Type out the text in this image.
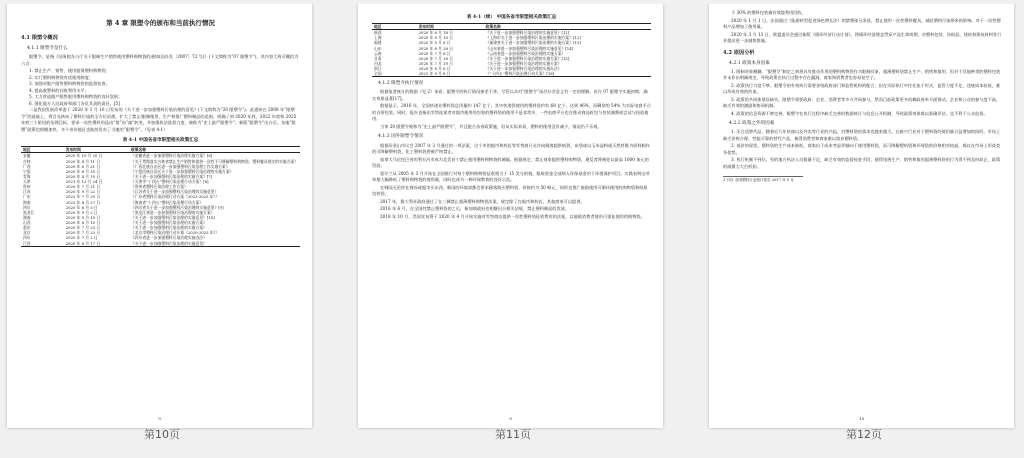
第 4 章 限塑令的颁布和当前执行情况
4.1 限塑令概况
4.1.1 限塑令是什么
限塑令，是指《国务院办公厅关于限制生产销售使用塑料购物袋的通知(国办发〔2007〕72 号)》(下文简称为“07 限塑令”)，其内容大致可概括为六点：
1. 禁止生产、销售、使用超薄塑料购物袋；
2. 实行塑料购物袋有偿使用制度；
3. 加强对限产限售塑料购物袋的监督检查；
4. 提高废塑料的回收利用水平；
5. 大力营造限产限售限用塑料购物袋的良好氛围；
6. 强化地方人民政府和部门各负其责的责任。[5]
二是我国发展改革委于 2020 年 1 月 16 日发布的《关于进一步加强塑料污染治理的意见》(下文简称为“20 限塑令”)。此通知在 2008 年“限塑令”的基础上，将目光转向了塑料污染的全方位治理，扩大了禁止/限制使用、生产和推广塑料制品的范围，明确了到 2020 年底、2022 年底和 2025 年底三个阶段的治理目标，要求一次性塑料用品由“禁”向“减”转变，并加强执法监督力度，被称为“史上最严限塑令”。新版“限塑令”出台后，各地“限塑”政策也相继加快，多个省份地区也陆续发布了当地的“限塑令”。（见表 4-1）
表 4-1 中国各省市限塑相关政策汇总
地区	发布时间	政策名称
安徽	2020 年 10 月 20 日	《安徽省进一步加强塑料污染治理实施方案》[6]
吉林	2020 年 8 月 11 日	《关于贯彻落实吉林省禁止生产销售和提供一次性不可降解塑料购物袋、塑料餐具规定的实施方案》
广西	2020 年 6 月 21 日	《广西壮族自治区进一步加强塑料污染治理工作实施方案》
宁夏	2020 年 6 月 20 日	《宁夏回族自治区关于进一步加强塑料污染治理的实施方案》
青海	2020 年 4 月 10 日	《关于进一步加强塑料污染治理的实施方案》[7]
天津	2021 年 12 月 24 日	《天津市“十四五”塑料污染治理行动方案》[8]
贵州	2020 年 7 月 21 日	《贵州省塑料污染治理工作方案》
江苏	2020 年 9 月 22 日	《江苏省关于进一步加强塑料污染治理的实施意见》
广东	2022 年 7 月 29 日	《广东省塑料污染治理行动方案（2022-2025 年）》
海南	2022 年 4 月 27 日	《海南省“十四五”塑料污染治理行动方案》
四川	2020 年 6 月 3 日	《四川省关于进一步加强塑料污染治理的实施意见》[9]
黑龙江	2020 年 9 月 2 日	《黑龙江省进一步加强塑料污染治理的实施方案》
湖南	2020 年 9 月 10 日	《关于进一步加强塑料污染治理的实施意见》[10]
山西	2020 年 8 月 13 日	《关于进一步加强塑料污染治理的实施方案》
重庆	2020 年 7 月 23 日	《关于进一步加强塑料污染治理的实施方案》
北京	2020 年 7 月 22 日	《北京市塑料污染治理行动计划（2020-2025 年）》
四川	2020 年 7 月 2 日	《四川省进一步加强塑料污染治理实施办法》
江西	2020 年 8 月 17 日	《关于进一步加强塑料污染治理的实施意见》
9
第10页
表 4-1（续） 中国各省市限塑相关政策汇总
地区	发布时间	政策名称
陕西	2020 年 8 月 18 日	《关于进一步加强塑料污染治理的实施意见》[11]
上海	2020 年 9 月 10 日	《上海市关于进一步加强塑料污染治理的实施方案》[12]
福建	2020 年 9 月 8 日	《福建省关于进一步加强塑料污染治理的实施方案》[13]
山东	2020 年 8 月 28 日	《山东省进一步加强塑料污染治理的实施意见》[14]
云南	2020 年 7 月 8 日	《云南省进一步加强塑料污染治理的实施方案》
甘肃	2020 年 7 月 28 日	《关于进一步加强塑料污染治理的实施方案》[15]
河北	2020 年 7 月 19 日	《关于进一步加强塑料污染治理的实施方案》
浙江	2020 年 8 月 6 日	《关于进一步加强塑料污染治理的实施办法》
全国	2021 年 9 月 8 日	《“十四五”塑料污染治理行动方案》[16]
4.1.2 限塑令执行情况
根据笔者统计的数据（见 2）来看，限塑令的执行情况参差不齐。尽管以众对“限塑令”深层社会意义有一定的理解，但在 07 限塑令实施初期，确实效果显著[17]。
数据显示，2016 年，全国快递业塑料袋总用量约 147 亿个，其中快递袋使用的塑料袋约有 68 亿个，达到 46%，而剩余的 54% 为实际电商平台的自带包装。同时，报告也指出零售连锁者对超市使用的包装的塑料袋的使用不是非常多，一些电商平台也在推动商品拆包与包装减塑或尝试与投放使用。
当审 20 限塑令被称为“史上最严限塑令”，并且配合各省政策施，但从实际来看，塑料的使用没有减少，情况仍不乐观。
4.1.3 国外限塑令情况
根据旧金山市议会 2007 年 3 月通过的一项法案，这个市的超市和药店等零售商只允许向顾客提供纸袋、布袋或以玉米淀粉或天然纤维为原料制作的可降解塑料袋，化工塑料袋将被严格禁止。
加拿大马尼托巴省的利夫河市成为北美首个禁止使用塑料购物袋的城镇。根据规定，禁止商家提供塑料购物袋，違反者将被处以最高 1000 加元的罚款。
爱尔兰从 2005 年 3 月开始在全国推行对每个塑料购物袋征收相当于 15 美分的税，限收收金全部纳入环保基金用于环境保护项目。实践表明这项举措大幅降低了塑料购物袋的使用量，同时也成为一种环保教育的良好示范。
在韩国无论你在商场或超市买东西，韩国的环境部都会要求顾客购买塑料袋，价格约为 50 韩元，同时也推广鼓励使用可循环使用的购物袋和纸质包装袋。
2017 年，澳大利亚政府通过了在三城禁止超薄塑料购物袋法案，规定除了在超市和药店，其他商家可以提供。
2018 年 6 月，在全国性禁止塑料袋的之后，新加坡政府也相继出台相关法规，禁止塑料制品的发放。
2018 年 10 月，美国宣布将于 2020 年 4 月开始实施对零售商店提供一次性塑料袋征收费用的法案，以鼓励消费者使用可重复使用的购物袋。
9
第11页
于 30% 的塑料包装被有效地利用回收。
2020 年 1 月 1 日，法国通过《能源转型促进绿色增长法》的禁塑部分条款，禁止使用一次性塑料餐具，减轻塑料污染带来的影响。对于一次性塑料产品增加了使用量。
2020 年 3 月 13 日，欧盟委员会通过新版《循环经济行动计划》，将循环经济理念贯穿产品生命周期，对塑料包装、纺织品、建筑和建筑材料等行业提出进一步减废措施。
4.2 原因分析
4.2.1 政策本身因素
1. 限制对象模糊。“限塑令”制定之初将具有推动作用的塑料购物袋作为限制对象，超薄塑料袋禁止生产、销售和使用，但对于其他种类的塑料包装并未作出明确规定，导致政策在执行过程中存在漏洞，商家和消费者也容易钻空子。
2. 政策执行力度不够。限塑令的有效执行需要各级政府部门和监管机构的配合，但在实际执行中往往流于形式，监管力度不足，违规成本较低，难以形成有效的约束。
3. 政策的共同体建设缺失。限塑令需要政府、企业、消费者等多方共同参与，然而目前政策更多依赖政府单方面推动，企业和公众的参与度不高，缺乏有效的激励和协同机制。
4. 政策的信息资源不够完善。限塑令在执行过程中缺乏完善的数据统计与信息公开机制，导致政策效果难以准确评估，也不利于公众监督。
4.2.2 政策之外的因素
1. 无合适替代品。随着近几年快递以及外卖等行业的兴起，对塑料袋的需求也越来越大。在新兴行业对于塑料袋的使用量日益增加的同时，市场上缺乏价格合理、性能可靠的替代产品，使得消费者和商家难以放弃塑料袋。
2. 低价的现状。塑料袋的生产成本极低，商家出于成本考虑更倾向于使用塑料袋，而可降解塑料袋和环保袋的价格相对较高，难以在市场上形成竞争优势。
3. 执行机制不到位。有的地方执法人员数量不足，缺乏有效的监督检查手段，使得违规生产、销售和使用超薄塑料袋的行为得不到及时纠正，政策的威慑力大打折扣。
1 引自 全国塑料行业统计报告 2017 年 5 月
10
第12页
